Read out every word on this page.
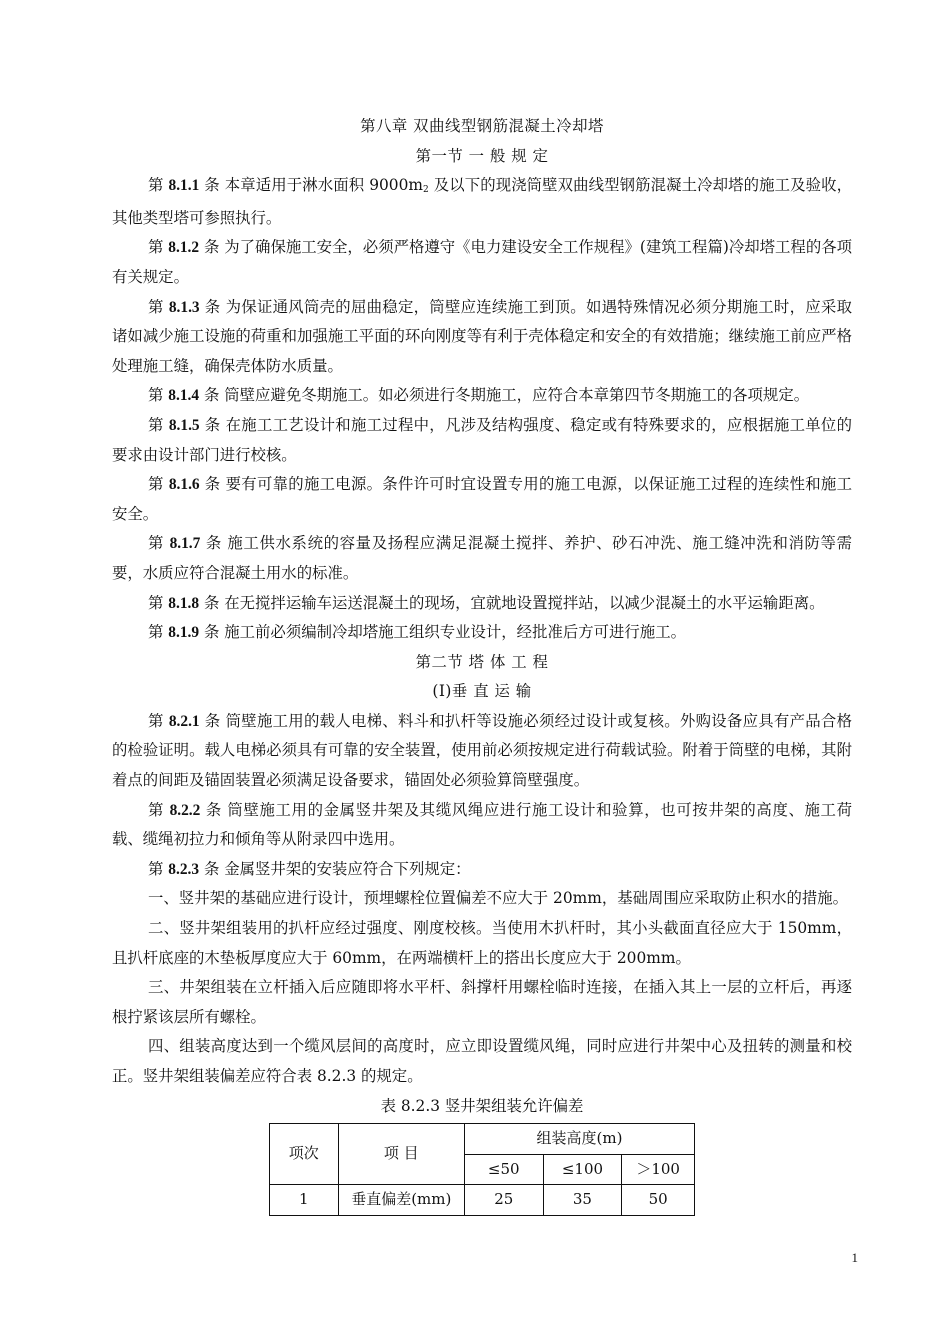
第八章 双曲线型钢筋混凝土冷却塔
第一节 一 般 规 定

第 8.1.1 条 本章适用于淋水面积 $9000m^2$ 及以下的现浇筒壁双曲线型钢筋混凝土冷却塔的施工及验收，其他类型塔可参照执行。

第 8.1.2 条 为了确保施工安全，必须严格遵守《电力建设安全工作规程》(建筑工程篇)冷却塔工程的各项有关规定。

第 8.1.3 条 为保证通风筒壳的屈曲稳定，筒壁应连续施工到顶。如遇特殊情况必须分期施工时，应采取诸如减少施工设施的荷重和加强施工平面的环向刚度等有利于壳体稳定和安全的有效措施；继续施工前应严格处理施工缝，确保壳体防水质量。

第 8.1.4 条 筒壁应避免冬期施工。如必须进行冬期施工，应符合本章第四节冬期施工的各项规定。

第 8.1.5 条 在施工工艺设计和施工过程中，凡涉及结构强度、稳定或有特殊要求的，应根据施工单位的要求由设计部门进行校核。

第 8.1.6 条 要有可靠的施工电源。条件许可时宜设置专用的施工电源，以保证施工过程的连续性和施工安全。

第 8.1.7 条 施工供水系统的容量及扬程应满足混凝土搅拌、养护、砂石冲洗、施工缝冲洗和消防等需要，水质应符合混凝土用水的标准。

第 8.1.8 条 在无搅拌运输车运送混凝土的现场，宜就地设置搅拌站，以减少混凝土的水平运输距离。

第 8.1.9 条 施工前必须编制冷却塔施工组织专业设计，经批准后方可进行施工。

第二节 塔 体 工 程
(Ⅰ)垂 直 运 输

第 8.2.1 条 筒壁施工用的载人电梯、料斗和扒杆等设施必须经过设计或复核。外购设备应具有产品合格的检验证明。载人电梯必须具有可靠的安全装置，使用前必须按规定进行荷载试验。附着于筒壁的电梯，其附着点的间距及锚固装置必须满足设备要求，锚固处必须验算筒壁强度。

第 8.2.2 条 筒壁施工用的金属竖井架及其缆风绳应进行施工设计和验算，也可按井架的高度、施工荷载、缆绳初拉力和倾角等从附录四中选用。

第 8.2.3 条 金属竖井架的安装应符合下列规定：

一、竖井架的基础应进行设计，预埋螺栓位置偏差不应大于 20mm，基础周围应采取防止积水的措施。

二、竖井架组装用的扒杆应经过强度、刚度校核。当使用木扒杆时，其小头截面直径应大于 150mm，且扒杆底座的木垫板厚度应大于 60mm，在两端横杆上的搭出长度应大于 200mm。

三、井架组装在立杆插入后应随即将水平杆、斜撑杆用螺栓临时连接，在插入其上一层的立杆后，再逐根拧紧该层所有螺栓。

四、组装高度达到一个缆风层间的高度时，应立即设置缆风绳，同时应进行井架中心及扭转的测量和校正。竖井架组装偏差应符合表 8.2.3 的规定。

表 8.2.3 竖井架组装允许偏差
项次	项 目	组装高度(m)		
		≤50	≤100	＞100
1	垂直偏差(mm)	25	35	50
1
